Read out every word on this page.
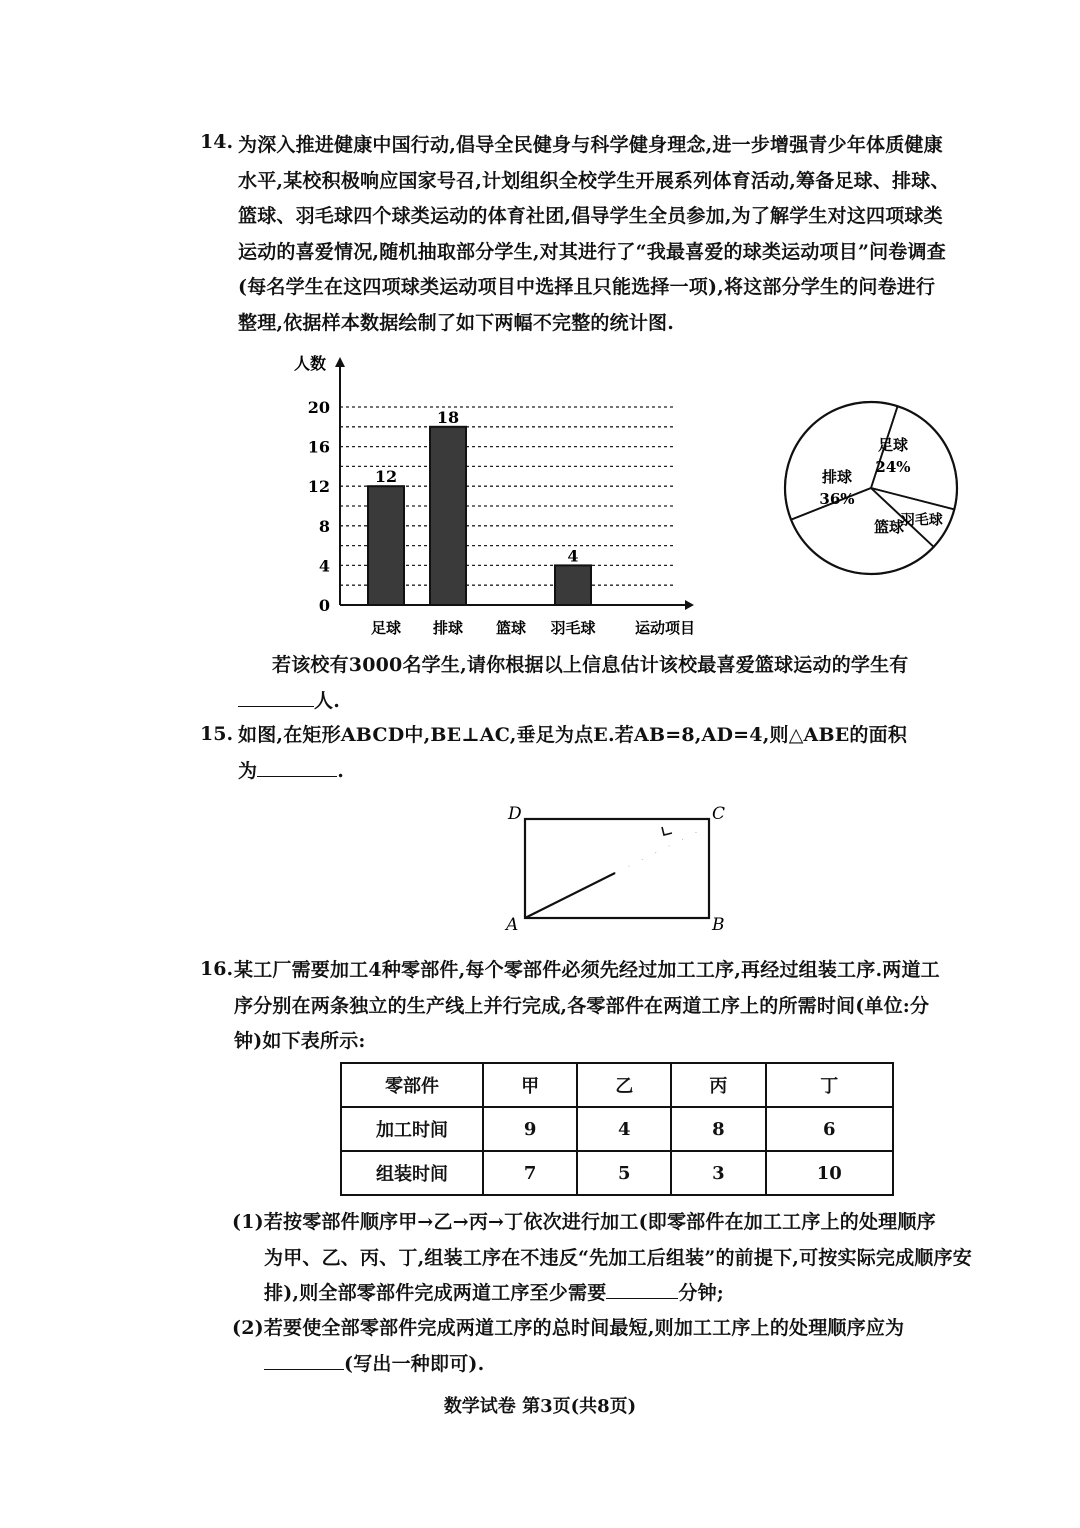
14. 为深入推进健康中国行动,倡导全民健身与科学健身理念,进一步增强青少年体质健康
水平,某校积极响应国家号召,计划组织全校学生开展系列体育活动,筹备足球、排球、
篮球、羽毛球四个球类运动的体育社团,倡导学生全员参加,为了解学生对这四项球类
运动的喜爱情况,随机抽取部分学生,对其进行了“我最喜爱的球类运动项目”问卷调查
(每名学生在这四项球类运动项目中选择且只能选择一项),将这部分学生的问卷进行
整理,依据样本数据绘制了如下两幅不完整的统计图.
0
4
8
12
16
20
人数
运动项目
12
足球
18
排球 篮球
4
羽毛球
足球
24%
羽毛球
篮球
排球
36%
若该校有3000名学生,请你根据以上信息估计该校最喜爱篮球运动的学生有
人.
15. 如图,在矩形ABCD中,BE⊥AC,垂足为点E.若AB=8,AD=4,则△ABE的面积
为	.
D	C
A	B
16. 某工厂需要加工4种零部件,每个零部件必须先经过加工工序,再经过组装工序.两道工
序分别在两条独立的生产线上并行完成,各零部件在两道工序上的所需时间(单位:分
钟)如下表所示:
零部件	甲	乙	丙	丁
加工时间	9	4	8	6
组装时间	7	5	3	10
(1)若按零部件顺序甲→乙→丙→丁依次进行加工(即零部件在加工工序上的处理顺序
为甲、乙、丙、丁,组装工序在不违反“先加工后组装”的前提下,可按实际完成顺序安
排),则全部零部件完成两道工序至少需要	分钟;
(2)若要使全部零部件完成两道工序的总时间最短,则加工工序上的处理顺序应为
(写出一种即可).
数学试卷 第3页(共8页)
